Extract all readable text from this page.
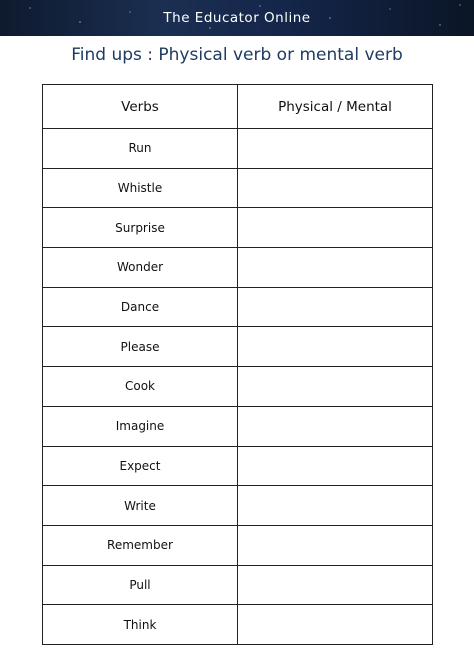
The Educator Online
Find ups : Physical verb or mental verb
Verbs	Physical / Mental
Run	
Whistle	
Surprise	
Wonder	
Dance	
Please	
Cook	
Imagine	
Expect	
Write	
Remember	
Pull	
Think	
